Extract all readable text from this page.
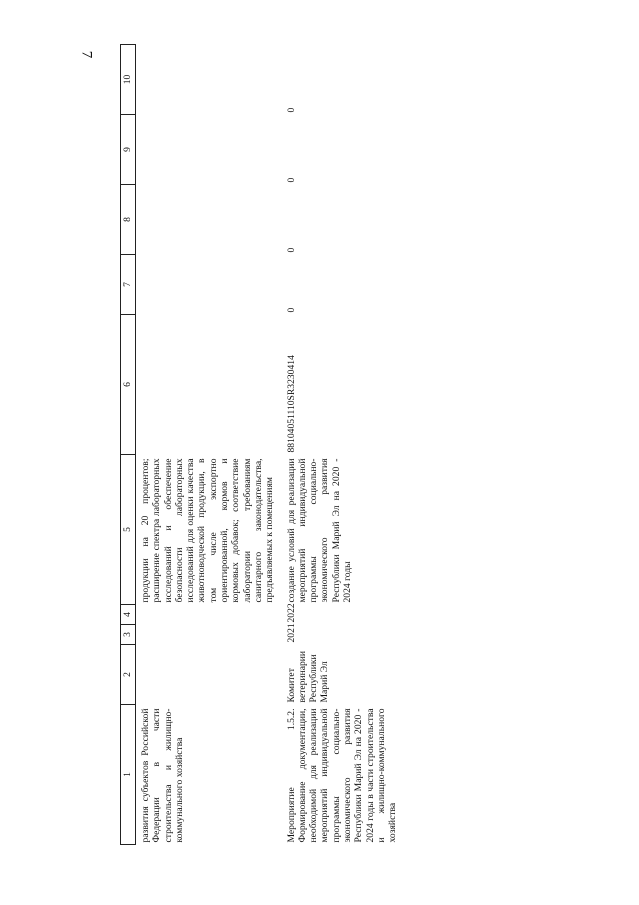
7
1	2	3	4	5	6	7	8	9	10
развития субъектов Российской Федерации в части строительства и жилищно-коммунального хозяйства				продукции на 20 процентов; расширение спектра лабораторных исследований и обеспечение безопасности лабораторных исследований для оценки качества животноводческой продукции, в том числе экспортно ориентированной, кормов и кормовых добавок; соответствие лаборатории требованиям санитарного законодательства, предъявляемых к помещениям					
Мероприятие 1.5.2. Формирование документации, необходимой для реализации мероприятий индивидуальной программы социально-экономического развития Республики Марий Эл на 2020 - 2024 годы в части строительства и жилищно-коммунального хозяйства	Комитет ветеринарии Республики Марий Эл	2021	2022	создание условий для реализации мероприятий индивидуальной программы социально-экономического развития Республики Марий Эл на 2020 - 2024 годы	88104051110SR3230414	0	0	0	0
